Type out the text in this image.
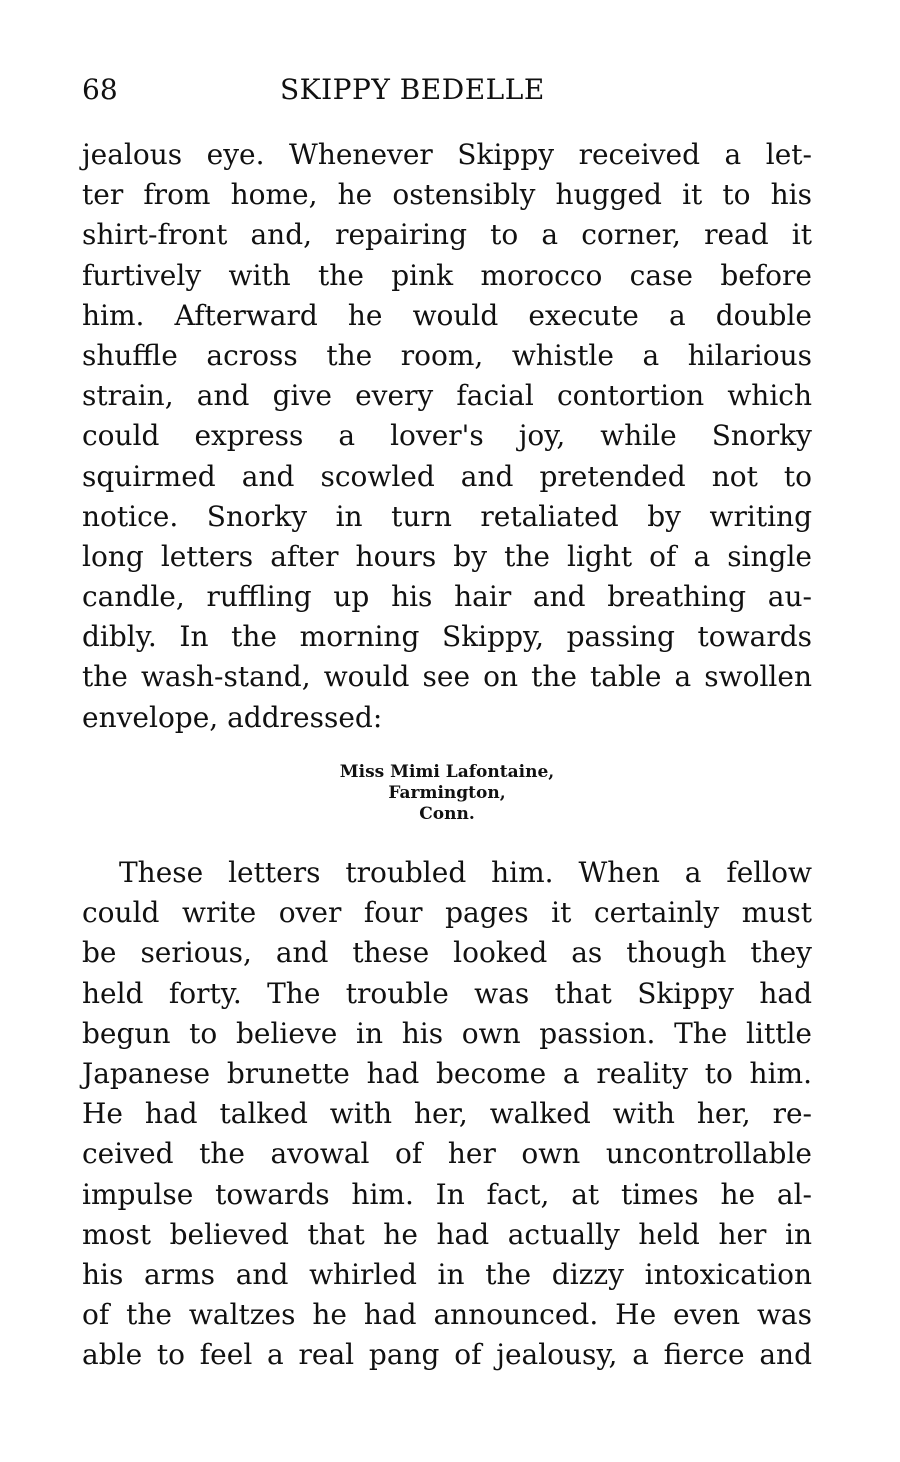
68	SKIPPY BEDELLE
jealous eye. Whenever Skippy received a let-
ter from home, he ostensibly hugged it to his
shirt-front and, repairing to a corner, read it
furtively with the pink morocco case before
him. Afterward he would execute a double
shuffle across the room, whistle a hilarious
strain, and give every facial contortion which
could express a lover's joy, while Snorky
squirmed and scowled and pretended not to
notice. Snorky in turn retaliated by writing
long letters after hours by the light of a single
candle, ruffling up his hair and breathing au-
dibly. In the morning Skippy, passing towards
the wash-stand, would see on the table a swollen
envelope, addressed:
Miss Mimi Lafontaine,
Farmington,
Conn.
These letters troubled him. When a fellow
could write over four pages it certainly must
be serious, and these looked as though they
held forty. The trouble was that Skippy had
begun to believe in his own passion. The little
Japanese brunette had become a reality to him.
He had talked with her, walked with her, re-
ceived the avowal of her own uncontrollable
impulse towards him. In fact, at times he al-
most believed that he had actually held her in
his arms and whirled in the dizzy intoxication
of the waltzes he had announced. He even was
able to feel a real pang of jealousy, a fierce and
